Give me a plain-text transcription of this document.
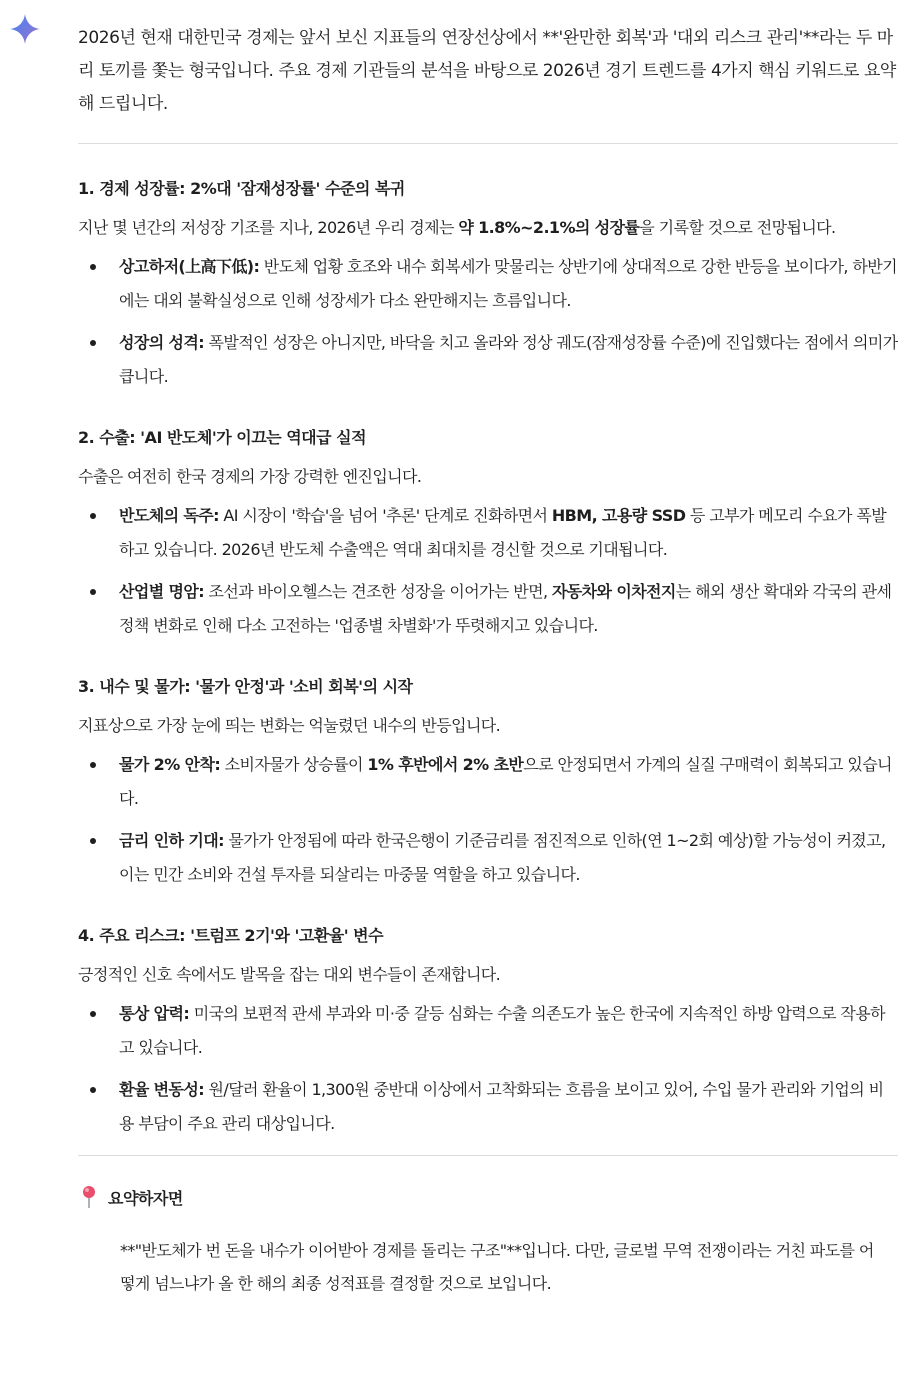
2026년 현재 대한민국 경제는 앞서 보신 지표들의 연장선상에서 **'완만한 회복'과 '대외 리스크 관리'**라는 두 마리 토끼를 쫓는 형국입니다. 주요 경제 기관들의 분석을 바탕으로 2026년 경기 트렌드를 4가지 핵심 키워드로 요약해 드립니다.

1. 경제 성장률: 2%대 '잠재성장률' 수준의 복귀

지난 몇 년간의 저성장 기조를 지나, 2026년 우리 경제는 약 1.8%~2.1%의 성장률을 기록할 것으로 전망됩니다.

상고하저(上高下低): 반도체 업황 호조와 내수 회복세가 맞물리는 상반기에 상대적으로 강한 반등을 보이다가, 하반기에는 대외 불확실성으로 인해 성장세가 다소 완만해지는 흐름입니다.
성장의 성격: 폭발적인 성장은 아니지만, 바닥을 치고 올라와 정상 궤도(잠재성장률 수준)에 진입했다는 점에서 의미가 큽니다.
2. 수출: 'AI 반도체'가 이끄는 역대급 실적

수출은 여전히 한국 경제의 가장 강력한 엔진입니다.

반도체의 독주: AI 시장이 '학습'을 넘어 '추론' 단계로 진화하면서 HBM, 고용량 SSD 등 고부가 메모리 수요가 폭발하고 있습니다. 2026년 반도체 수출액은 역대 최대치를 경신할 것으로 기대됩니다.
산업별 명암: 조선과 바이오헬스는 견조한 성장을 이어가는 반면, 자동차와 이차전지는 해외 생산 확대와 각국의 관세 정책 변화로 인해 다소 고전하는 '업종별 차별화'가 뚜렷해지고 있습니다.
3. 내수 및 물가: '물가 안정'과 '소비 회복'의 시작

지표상으로 가장 눈에 띄는 변화는 억눌렸던 내수의 반등입니다.

물가 2% 안착: 소비자물가 상승률이 1% 후반에서 2% 초반으로 안정되면서 가계의 실질 구매력이 회복되고 있습니다.
금리 인하 기대: 물가가 안정됨에 따라 한국은행이 기준금리를 점진적으로 인하(연 1~2회 예상)할 가능성이 커졌고, 이는 민간 소비와 건설 투자를 되살리는 마중물 역할을 하고 있습니다.
4. 주요 리스크: '트럼프 2기'와 '고환율' 변수

긍정적인 신호 속에서도 발목을 잡는 대외 변수들이 존재합니다.

통상 압력: 미국의 보편적 관세 부과와 미·중 갈등 심화는 수출 의존도가 높은 한국에 지속적인 하방 압력으로 작용하고 있습니다.
환율 변동성: 원/달러 환율이 1,300원 중반대 이상에서 고착화되는 흐름을 보이고 있어, 수입 물가 관리와 기업의 비용 부담이 주요 관리 대상입니다.
요약하자면

**"반도체가 번 돈을 내수가 이어받아 경제를 돌리는 구조"**입니다. 다만, 글로벌 무역 전쟁이라는 거친 파도를 어떻게 넘느냐가 올 한 해의 최종 성적표를 결정할 것으로 보입니다.
